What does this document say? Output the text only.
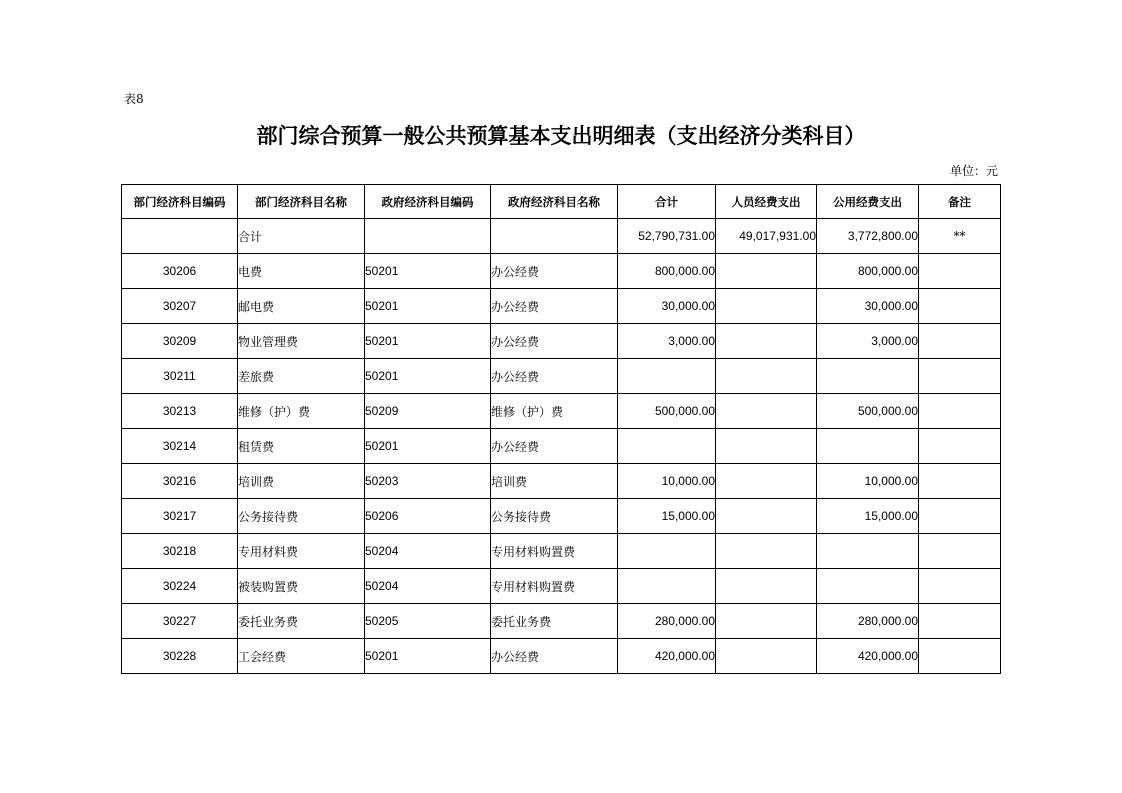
表8
部门综合预算一般公共预算基本支出明细表（支出经济分类科目）
单位：元
部门经济科目编码	部门经济科目名称	政府经济科目编码	政府经济科目名称	合计	人员经费支出	公用经费支出	备注
	合计			52,790,731.00	49,017,931.00	3,772,800.00	**
30206	电费	50201	办公经费	800,000.00		800,000.00	
30207	邮电费	50201	办公经费	30,000.00		30,000.00	
30209	物业管理费	50201	办公经费	3,000.00		3,000.00	
30211	差旅费	50201	办公经费				
30213	维修（护）费	50209	维修（护）费	500,000.00		500,000.00	
30214	租赁费	50201	办公经费				
30216	培训费	50203	培训费	10,000.00		10,000.00	
30217	公务接待费	50206	公务接待费	15,000.00		15,000.00	
30218	专用材料费	50204	专用材料购置费				
30224	被装购置费	50204	专用材料购置费				
30227	委托业务费	50205	委托业务费	280,000.00		280,000.00	
30228	工会经费	50201	办公经费	420,000.00		420,000.00	
